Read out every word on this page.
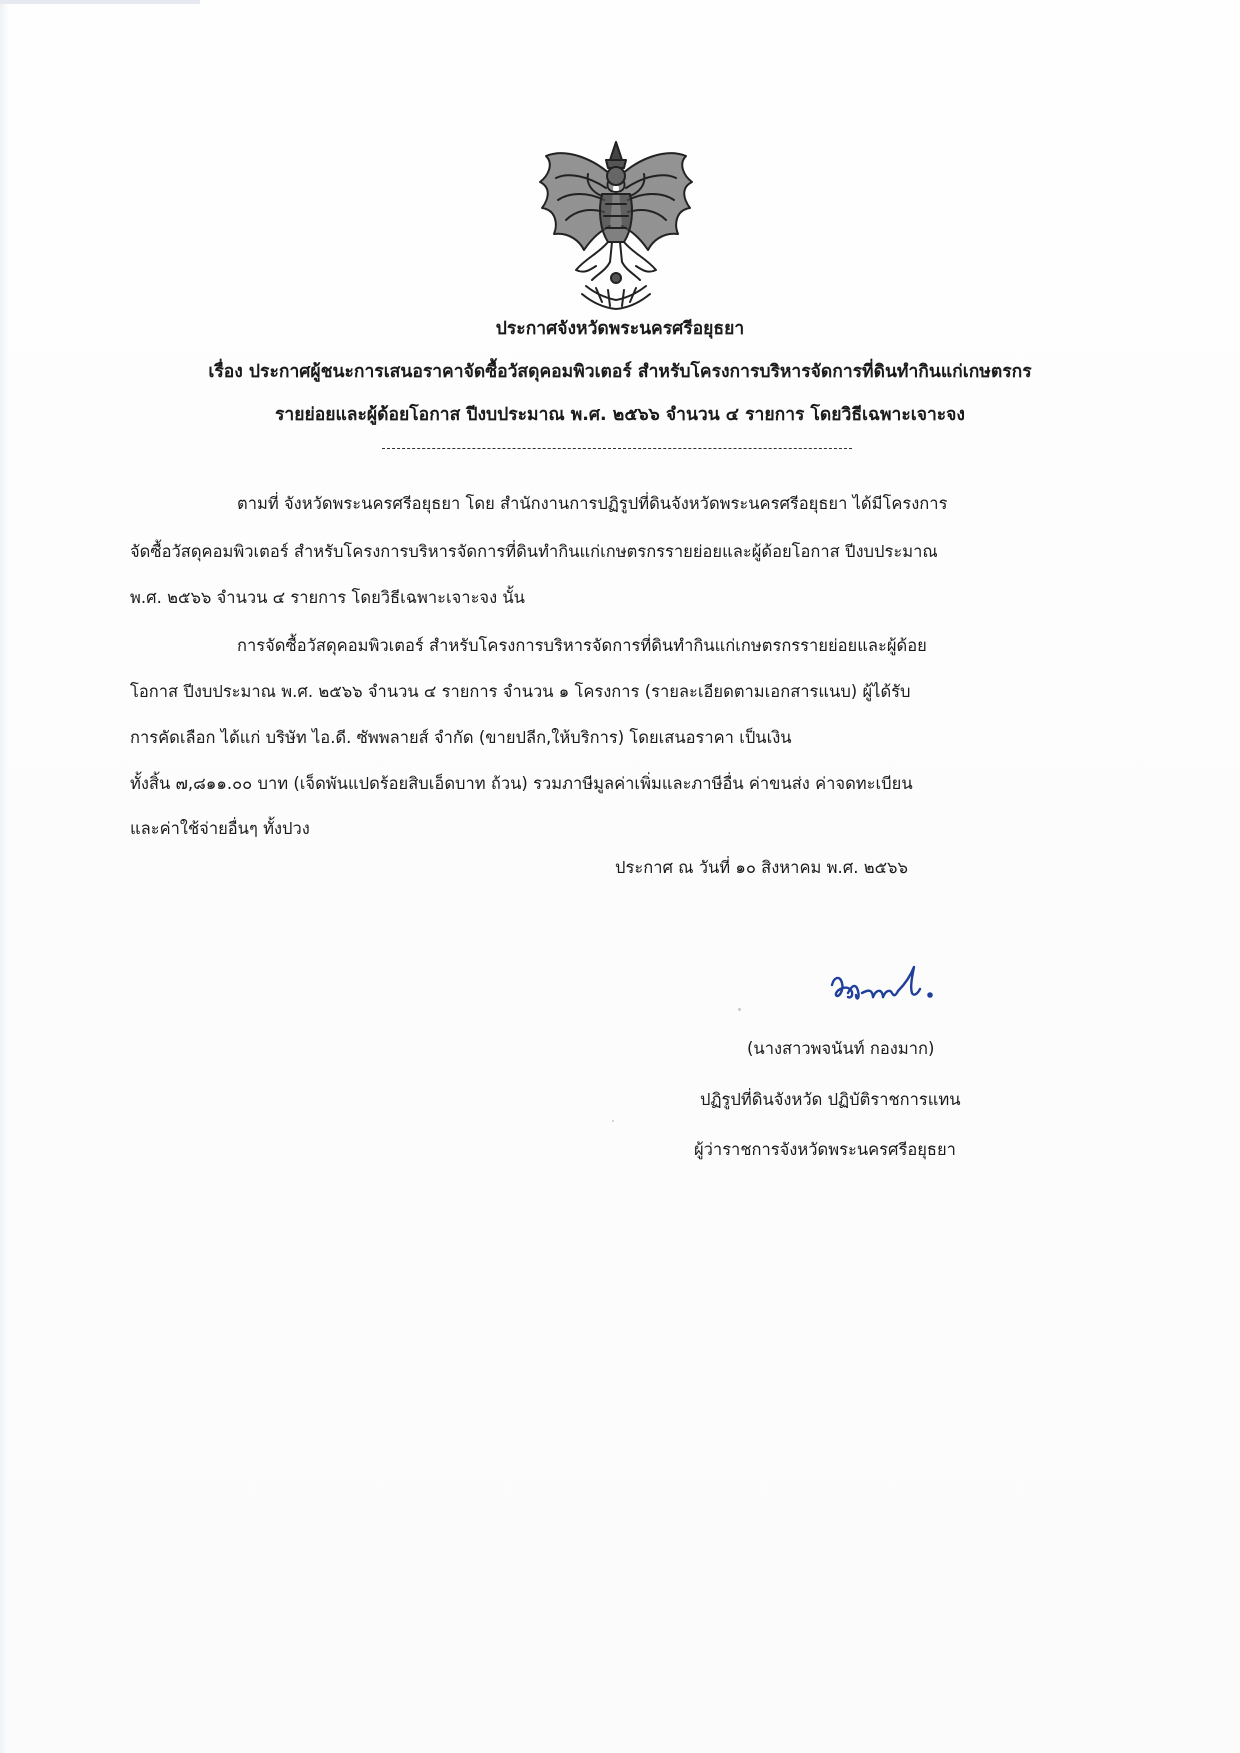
ประกาศจังหวัดพระนครศรีอยุธยา
เรื่อง ประกาศผู้ชนะการเสนอราคาจัดซื้อวัสดุคอมพิวเตอร์ สำหรับโครงการบริหารจัดการที่ดินทำกินแก่เกษตรกร
รายย่อยและผู้ด้อยโอกาส ปีงบประมาณ พ.ศ. ๒๕๖๖ จำนวน ๔ รายการ โดยวิธีเฉพาะเจาะจง
ตามที่ จังหวัดพระนครศรีอยุธยา โดย สำนักงานการปฏิรูปที่ดินจังหวัดพระนครศรีอยุธยา ได้มีโครงการ
จัดซื้อวัสดุคอมพิวเตอร์ สำหรับโครงการบริหารจัดการที่ดินทำกินแก่เกษตรกรรายย่อยและผู้ด้อยโอกาส ปีงบประมาณ
พ.ศ. ๒๕๖๖ จำนวน ๔ รายการ โดยวิธีเฉพาะเจาะจง นั้น
การจัดซื้อวัสดุคอมพิวเตอร์ สำหรับโครงการบริหารจัดการที่ดินทำกินแก่เกษตรกรรายย่อยและผู้ด้อย
โอกาส ปีงบประมาณ พ.ศ. ๒๕๖๖ จำนวน ๔ รายการ จำนวน ๑ โครงการ (รายละเอียดตามเอกสารแนบ) ผู้ได้รับ
การคัดเลือก ได้แก่ บริษัท ไอ.ดี. ซัพพลายส์ จำกัด (ขายปลีก,ให้บริการ) โดยเสนอราคา เป็นเงิน
ทั้งสิ้น ๗,๘๑๑.๐๐ บาท (เจ็ดพันแปดร้อยสิบเอ็ดบาท ถ้วน) รวมภาษีมูลค่าเพิ่มและภาษีอื่น ค่าขนส่ง ค่าจดทะเบียน
และค่าใช้จ่ายอื่นๆ ทั้งปวง
ประกาศ ณ วันที่ ๑๐ สิงหาคม พ.ศ. ๒๕๖๖
(นางสาวพจนันท์ กองมาก)
ปฏิรูปที่ดินจังหวัด ปฏิบัติราชการแทน
ผู้ว่าราชการจังหวัดพระนครศรีอยุธยา
